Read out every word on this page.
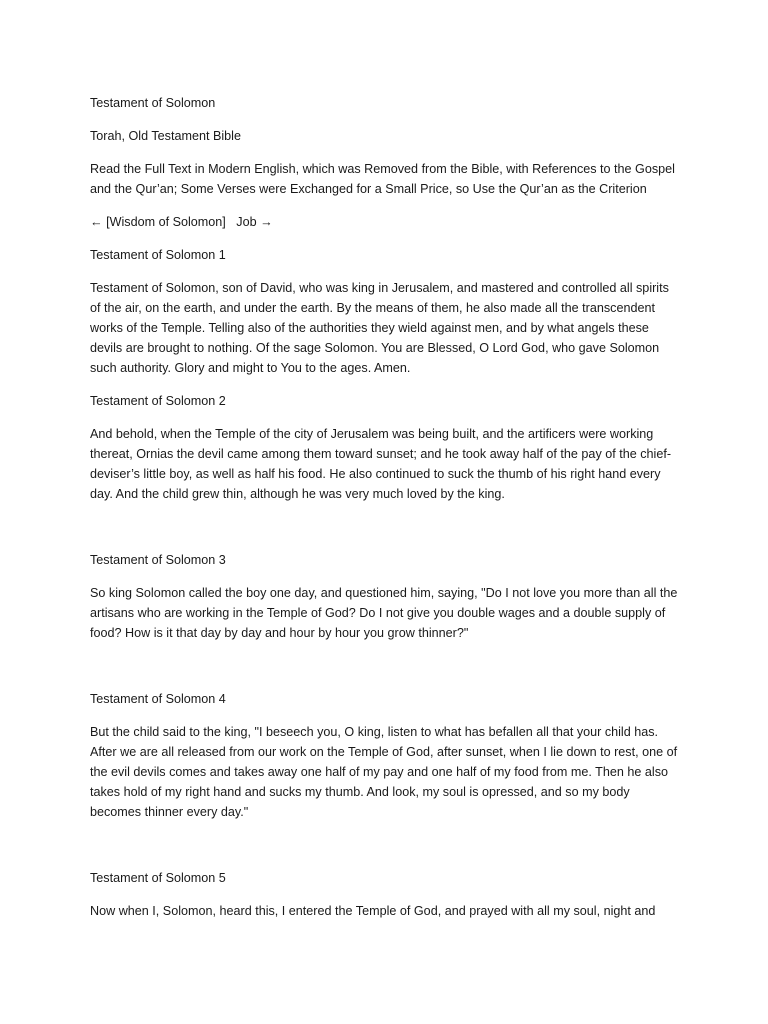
Testament of Solomon

Torah, Old Testament Bible

Read the Full Text in Modern English, which was Removed from the Bible, with References to the Gospel and the Qur’an; Some Verses were Exchanged for a Small Price, so Use the Qur’an as the Criterion

← [Wisdom of Solomon] Job →

Testament of Solomon 1

Testament of Solomon, son of David, who was king in Jerusalem, and mastered and controlled all spirits of the air, on the earth, and under the earth. By the means of them, he also made all the transcendent works of the Temple. Telling also of the authorities they wield against men, and by what angels these devils are brought to nothing. Of the sage Solomon. You are Blessed, O Lord God, who gave Solomon such authority. Glory and might to You to the ages. Amen.

Testament of Solomon 2

And behold, when the Temple of the city of Jerusalem was being built, and the artificers were working thereat, Ornias the devil came among them toward sunset; and he took away half of the pay of the chief-deviser’s little boy, as well as half his food. He also continued to suck the thumb of his right hand every day. And the child grew thin, although he was very much loved by the king.

Testament of Solomon 3

So king Solomon called the boy one day, and questioned him, saying, "Do I not love you more than all the artisans who are working in the Temple of God? Do I not give you double wages and a double supply of food? How is it that day by day and hour by hour you grow thinner?"

Testament of Solomon 4

But the child said to the king, "I beseech you, O king, listen to what has befallen all that your child has. After we are all released from our work on the Temple of God, after sunset, when I lie down to rest, one of the evil devils comes and takes away one half of my pay and one half of my food from me. Then he also takes hold of my right hand and sucks my thumb. And look, my soul is opressed, and so my body becomes thinner every day."

Testament of Solomon 5

Now when I, Solomon, heard this, I entered the Temple of God, and prayed with all my soul, night and
